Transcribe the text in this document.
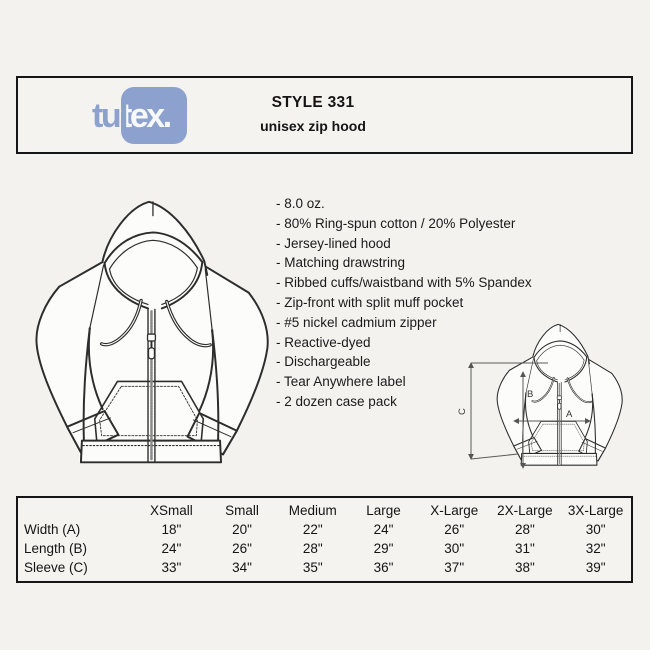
tul
tex.	STYLE 331
unisex zip hood
- 8.0 oz.
- 80% Ring-spun cotton / 20% Polyester
- Jersey-lined hood
- Matching drawstring
- Ribbed cuffs/waistband with 5% Spandex
- Zip-front with split muff pocket
- #5 nickel cadmium zipper
- Reactive-dyed
- Dischargeable
- Tear Anywhere label
- 2 dozen case pack
A
B
C
XSmall	Small	Medium	Large	X-Large	2X-Large	3X-Large
Width (A)	18"	20"	22"	24"	26"	28"	30"
Length (B)	24"	26"	28"	29"	30"	31"	32"
Sleeve (C)	33"	34"	35"	36"	37"	38"	39"
